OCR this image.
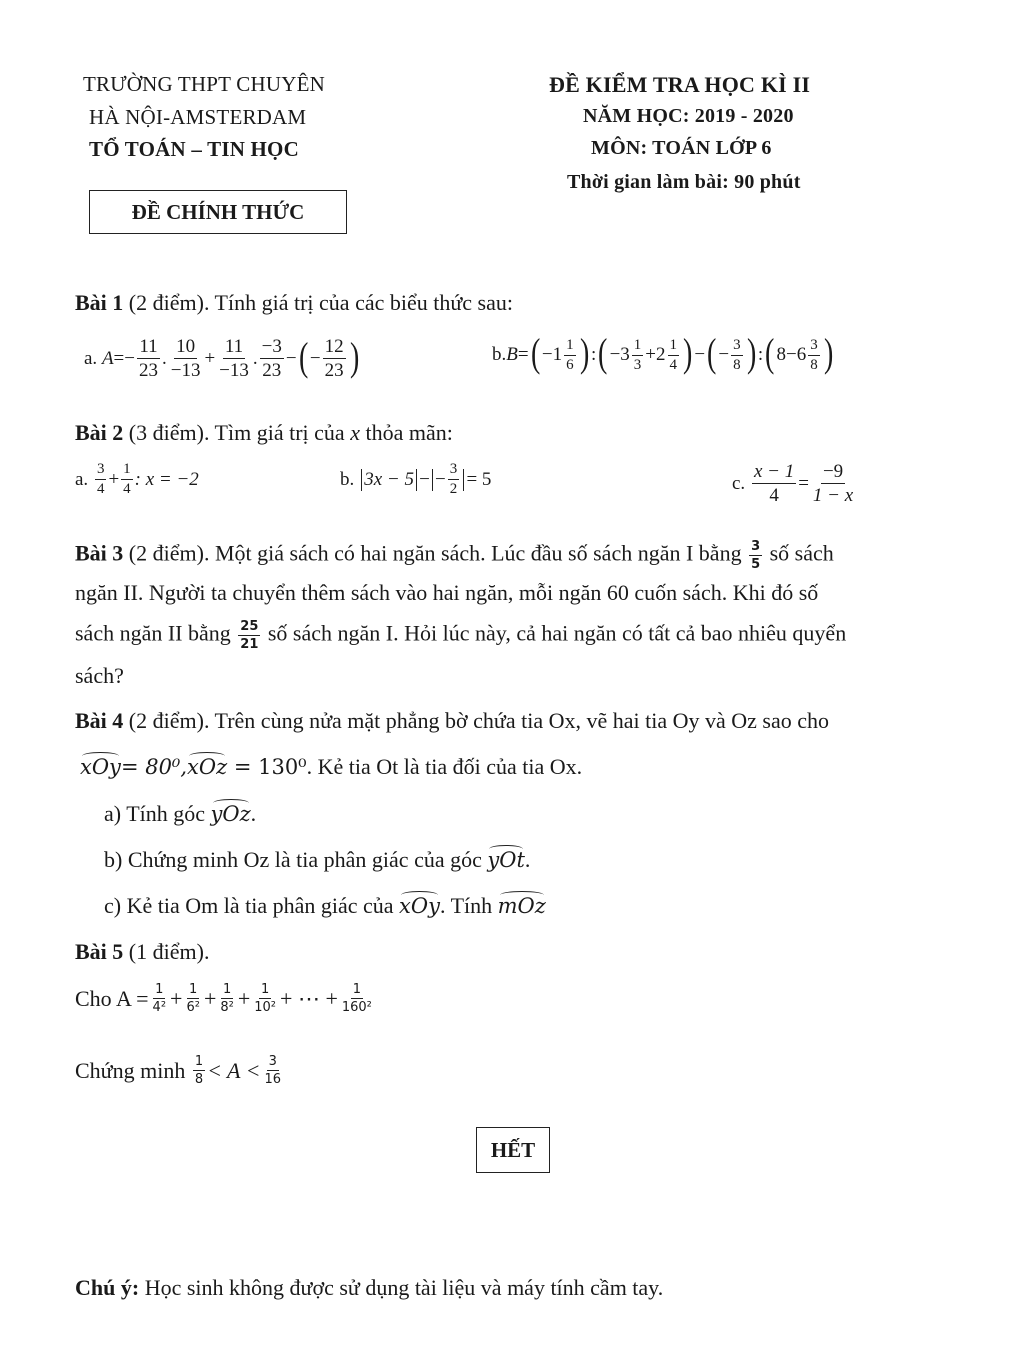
TRƯỜNG THPT CHUYÊN
HÀ NỘI-AMSTERDAM
TỔ TOÁN – TIN HỌC
ĐỀ KIỂM TRA HỌC KÌ II
NĂM HỌC: 2019 - 2020
MÔN: TOÁN LỚP 6
Thời gian làm bài: 90 phút
ĐỀ CHÍNH THỨC
Bài 1 (2 điểm). Tính giá trị của các biểu thức sau:
a.
$A =- \frac{11}{23}$ . $\frac{10}{-13} + \frac{11}{-13}$ . $\frac{-3}{23}$ − ( − $\frac{12}{23}$ )	b. B = ( − $1 \frac{1}{6}$ ) : ( − $3 \frac{1}{3} + 2 \frac{1}{4}$ ) − ( − $\frac{3}{8}$ ) : ( $8 - 6 \frac{3}{8}$ )
Bài 2 (3 điểm). Tìm giá trị của x thỏa mãn:
a.
$\frac{3}{4} + \frac{1}{4}$ : x = −2	b.
3x − 5 − − $\frac{3}{2} = 5$	c.
$\frac{x - 1}{4} = \frac{-9}{1 - x}$
Bài 3 (2 điểm). Một giá sách có hai ngăn sách. Lúc đầu số sách ngăn I bằng $\frac{3}{5}$ số sách
ngăn II. Người ta chuyển thêm sách vào hai ngăn, mỗi ngăn 60 cuốn sách. Khi đó số
sách ngăn II bằng $\frac{25}{21}$ số sách ngăn I. Hỏi lúc này, cả hai ngăn có tất cả bao nhiêu quyển
sách?
Bài 4 (2 điểm). Trên cùng nửa mặt phẳng bờ chứa tia Ox, vẽ hai tia Oy và Oz sao cho
xOy= 80⁰,xOz = 130⁰. Kẻ tia Ot là tia đối của tia Ox.
a) Tính góc yOz.
b) Chứng minh Oz là tia phân giác của góc yOt.
c) Kẻ tia Om là tia phân giác của xOy. Tính mOz
Bài 5 (1 điểm).
Cho $A = \frac{1}{\text{4²}} + \frac{1}{\text{6²}} + \frac{1}{\text{8²}} + \frac{1}{\text{10²}}$ + ⋯ + $\frac{1}{\text{160²}}$
Chứng minh
$\frac{1}{8} < A < \frac{3}{16}$
HẾT
Chú ý: Học sinh không được sử dụng tài liệu và máy tính cầm tay.
